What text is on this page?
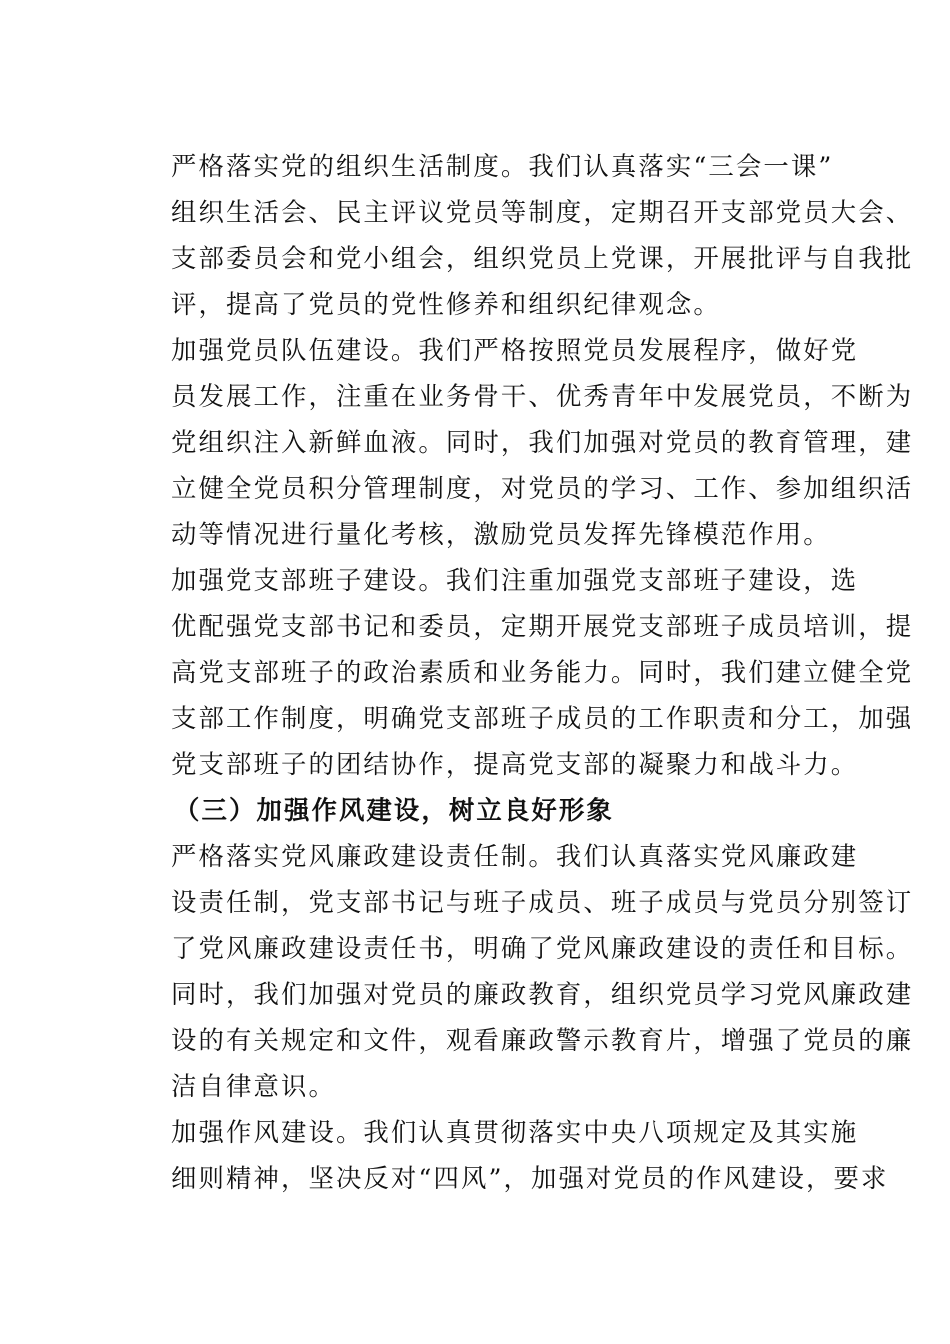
严格落实党的组织生活制度。我们认真落实“三会一课”
组织生活会、民主评议党员等制度，定期召开支部党员大会、
支部委员会和党小组会，组织党员上党课，开展批评与自我批
评，提高了党员的党性修养和组织纪律观念。

加强党员队伍建设。我们严格按照党员发展程序，做好党
员发展工作，注重在业务骨干、优秀青年中发展党员，不断为
党组织注入新鲜血液。同时，我们加强对党员的教育管理，建
立健全党员积分管理制度，对党员的学习、工作、参加组织活
动等情况进行量化考核，激励党员发挥先锋模范作用。

加强党支部班子建设。我们注重加强党支部班子建设，选
优配强党支部书记和委员，定期开展党支部班子成员培训，提
高党支部班子的政治素质和业务能力。同时，我们建立健全党
支部工作制度，明确党支部班子成员的工作职责和分工，加强
党支部班子的团结协作，提高党支部的凝聚力和战斗力。

（三）加强作风建设，树立良好形象

严格落实党风廉政建设责任制。我们认真落实党风廉政建
设责任制，党支部书记与班子成员、班子成员与党员分别签订
了党风廉政建设责任书，明确了党风廉政建设的责任和目标。
同时，我们加强对党员的廉政教育，组织党员学习党风廉政建
设的有关规定和文件，观看廉政警示教育片，增强了党员的廉
洁自律意识。

加强作风建设。我们认真贯彻落实中央八项规定及其实施
细则精神，坚决反对“四风”，加强对党员的作风建设，要求
